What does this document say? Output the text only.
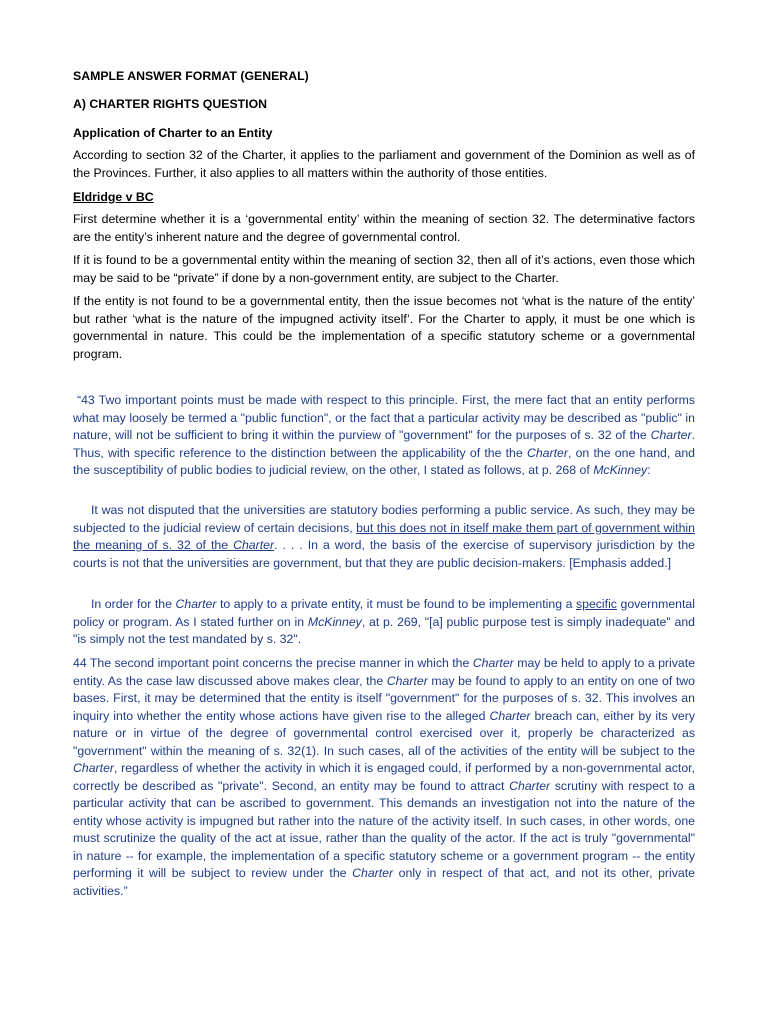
SAMPLE ANSWER FORMAT (GENERAL)

A) CHARTER RIGHTS QUESTION

Application of Charter to an Entity

According to section 32 of the Charter, it applies to the parliament and government of the Dominion as well as of the Provinces. Further, it also applies to all matters within the authority of those entities.

Eldridge v BC

First determine whether it is a ‘governmental entity’ within the meaning of section 32. The determinative factors are the entity’s inherent nature and the degree of governmental control.

If it is found to be a governmental entity within the meaning of section 32, then all of it’s actions, even those which may be said to be “private” if done by a non-government entity, are subject to the Charter.

If the entity is not found to be a governmental entity, then the issue becomes not ‘what is the nature of the entity’ but rather ‘what is the nature of the impugned activity itself’. For the Charter to apply, it must be one which is governmental in nature. This could be the implementation of a specific statutory scheme or a governmental program.

“43 Two important points must be made with respect to this principle. First, the mere fact that an entity performs what may loosely be termed a "public function", or the fact that a particular activity may be described as "public" in nature, will not be sufficient to bring it within the purview of "government" for the purposes of s. 32 of the Charter. Thus, with specific reference to the distinction between the applicability of the the Charter, on the one hand, and the susceptibility of public bodies to judicial review, on the other, I stated as follows, at p. 268 of McKinney:

It was not disputed that the universities are statutory bodies performing a public service. As such, they may be subjected to the judicial review of certain decisions, but this does not in itself make them part of government within the meaning of s. 32 of the Charter. . . . In a word, the basis of the exercise of supervisory jurisdiction by the courts is not that the universities are government, but that they are public decision-makers. [Emphasis added.]

In order for the Charter to apply to a private entity, it must be found to be implementing a specific governmental policy or program. As I stated further on in McKinney, at p. 269, "[a] public purpose test is simply inadequate" and "is simply not the test mandated by s. 32".

44 The second important point concerns the precise manner in which the Charter may be held to apply to a private entity. As the case law discussed above makes clear, the Charter may be found to apply to an entity on one of two bases. First, it may be determined that the entity is itself "government" for the purposes of s. 32. This involves an inquiry into whether the entity whose actions have given rise to the alleged Charter breach can, either by its very nature or in virtue of the degree of governmental control exercised over it, properly be characterized as "government" within the meaning of s. 32(1). In such cases, all of the activities of the entity will be subject to the Charter, regardless of whether the activity in which it is engaged could, if performed by a non-governmental actor, correctly be described as "private". Second, an entity may be found to attract Charter scrutiny with respect to a particular activity that can be ascribed to government. This demands an investigation not into the nature of the entity whose activity is impugned but rather into the nature of the activity itself. In such cases, in other words, one must scrutinize the quality of the act at issue, rather than the quality of the actor. If the act is truly "governmental" in nature -- for example, the implementation of a specific statutory scheme or a government program -- the entity performing it will be subject to review under the Charter only in respect of that act, and not its other, private activities.”
